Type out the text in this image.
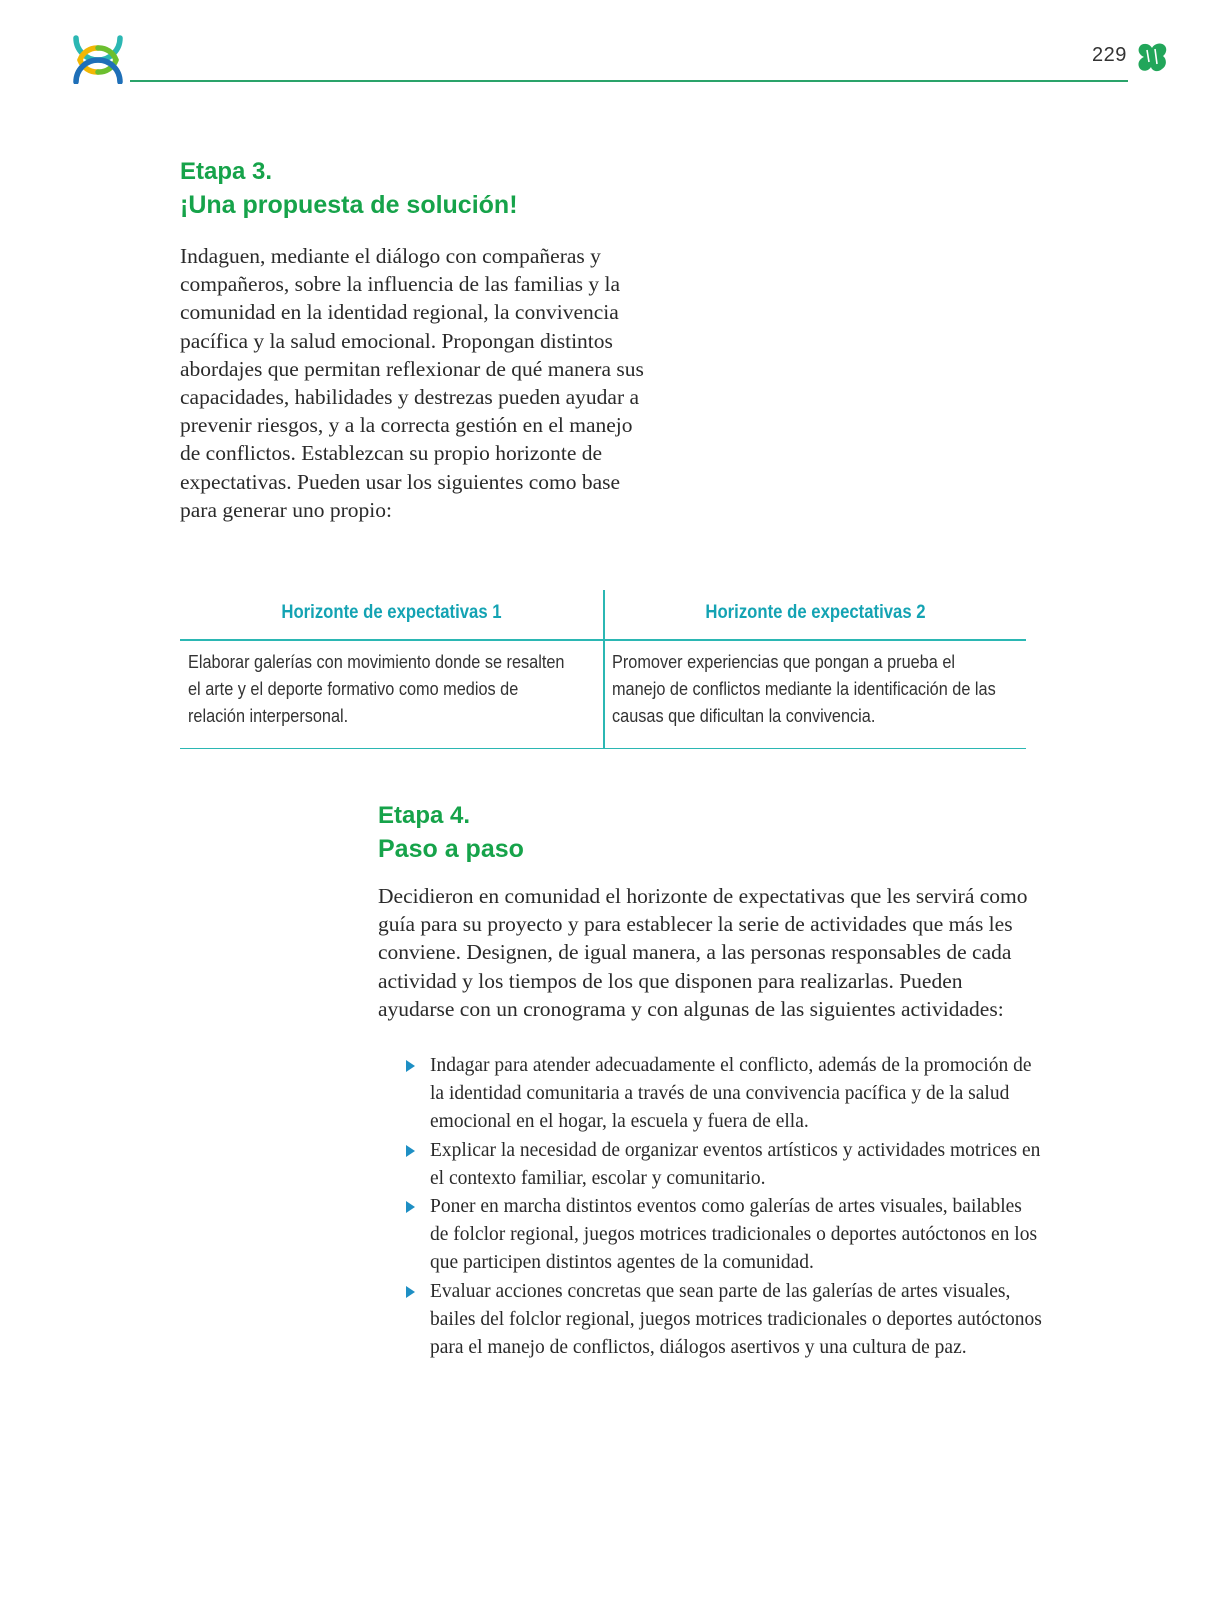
229
Etapa 3.
¡Una propuesta de solución!

Indaguen, mediante el diálogo con compañeras y compañeros, sobre la influencia de las familias y la comunidad en la identidad regional, la convivencia pacífica y la salud emocional. Propongan distintos abordajes que permitan reflexionar de qué manera sus capacidades, habilidades y destrezas pueden ayudar a prevenir riesgos, y a la correcta gestión en el manejo de conflictos. Establezcan su propio horizonte de expectativas. Pueden usar los siguientes como base para generar uno propio:

Horizonte de expectativas 1
Elaborar galerías con movimiento donde se resalten el arte y el deporte formativo como medios de relación interpersonal.
Horizonte de expectativas 2
Promover experiencias que pongan a prueba el manejo de conflictos mediante la identificación de las causas que dificultan la convivencia.
Etapa 4.
Paso a paso

Decidieron en comunidad el horizonte de expectativas que les servirá como guía para su proyecto y para establecer la serie de actividades que más les conviene. Designen, de igual manera, a las personas responsables de cada actividad y los tiempos de los que disponen para realizarlas. Pueden ayudarse con un cronograma y con algunas de las siguientes actividades:

Indagar para atender adecuadamente el conflicto, además de la promoción de la identidad comunitaria a través de una convivencia pacífica y de la salud emocional en el hogar, la escuela y fuera de ella.
Explicar la necesidad de organizar eventos artísticos y actividades motrices en el contexto familiar, escolar y comunitario.
Poner en marcha distintos eventos como galerías de artes visuales, bailables de folclor regional, juegos motrices tradicionales o deportes autóctonos en los que participen distintos agentes de la comunidad.
Evaluar acciones concretas que sean parte de las galerías de artes visuales, bailes del folclor regional, juegos motrices tradicionales o deportes autóctonos para el manejo de conflictos, diálogos asertivos y una cultura de paz.
